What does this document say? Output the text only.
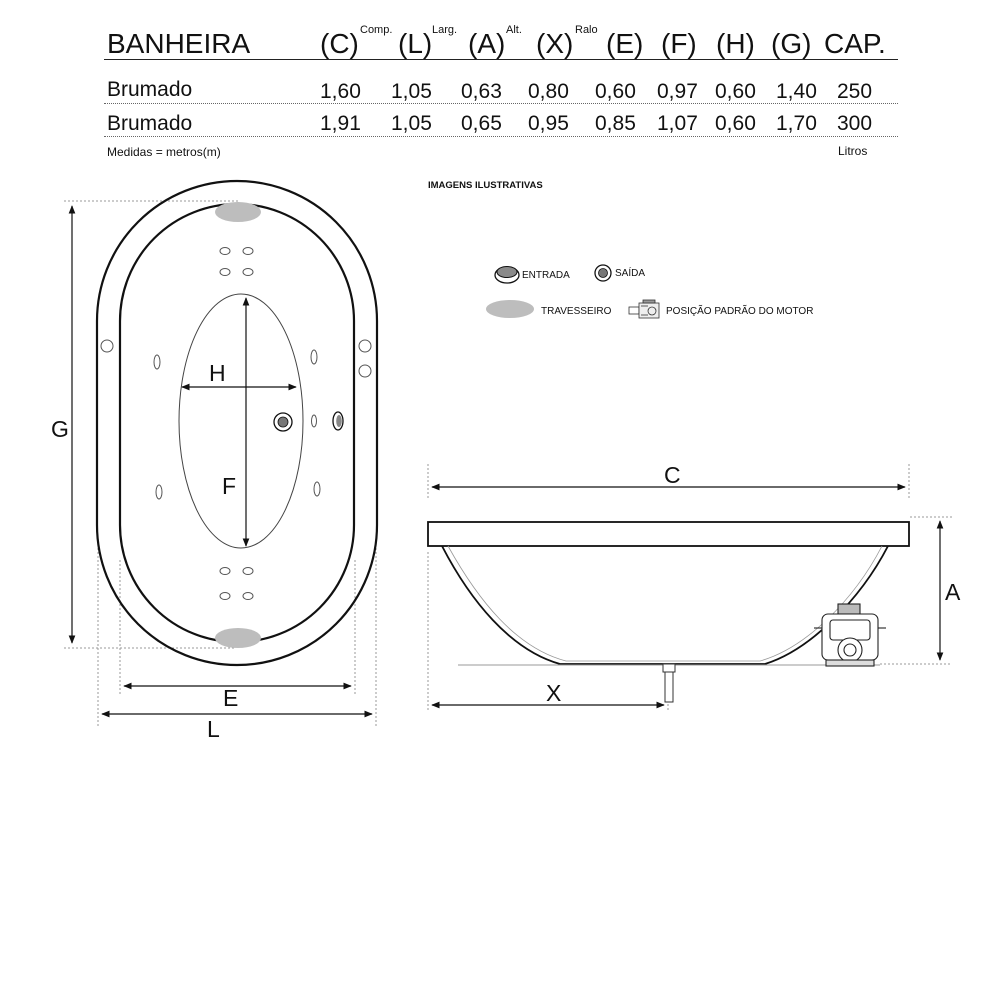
BANHEIRA (C) Comp. (L) Larg. (A) Alt. (X) Ralo (E) (F) (H) (G) CAP.
Brumado	1,60 1,05 0,63 0,80 0,60 0,97 0,60 1,40 250
Brumado	1,91 1,05 0,65 0,95 0,85 1,07 0,60 1,70 300
Medidas = metros(m)	Litros
IMAGENS ILUSTRATIVAS
ENTRADA	SAÍDA
TRAVESSEIRO	POSIÇÃO PADRÃO DO MOTOR
G
H
F
E
L
C
A
X
